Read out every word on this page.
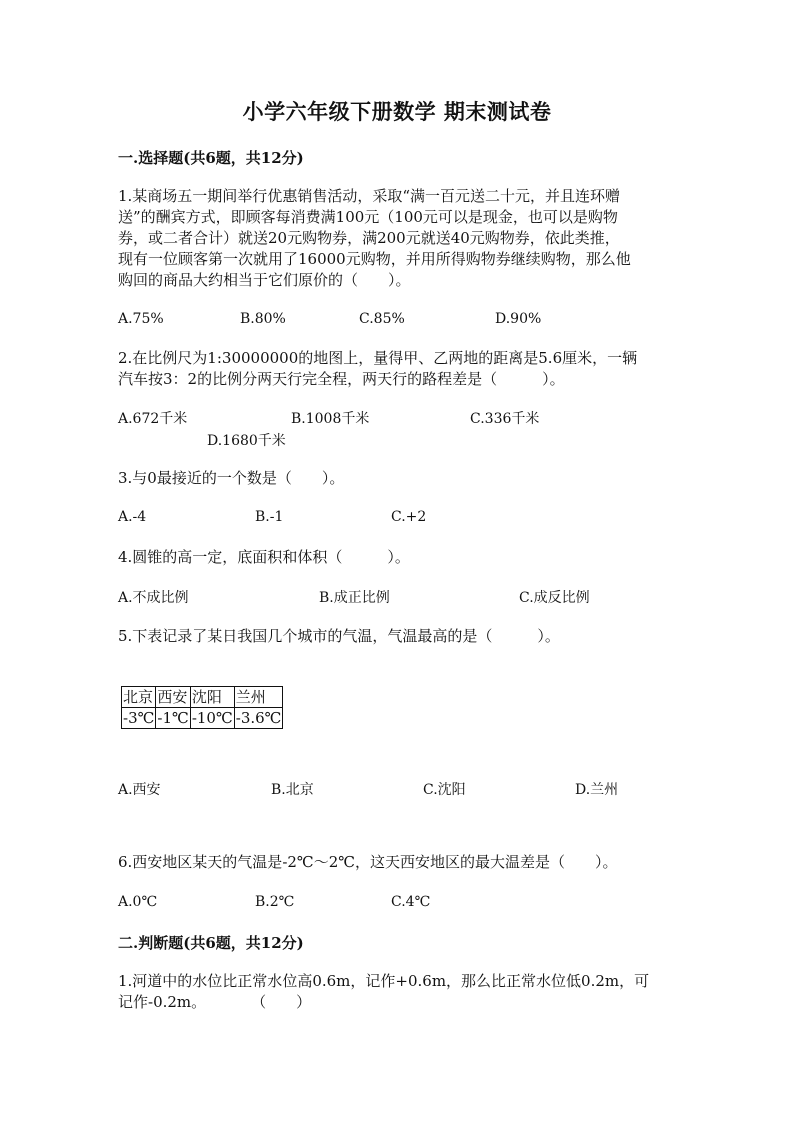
小学六年级下册数学 期末测试卷
一.选择题(共6题，共12分)
1.某商场五一期间举行优惠销售活动，采取“满一百元送二十元，并且连环赠
送”的酬宾方式，即顾客每消费满100元（100元可以是现金，也可以是购物
券，或二者合计）就送20元购物券，满200元就送40元购物券，依此类推，
现有一位顾客第一次就用了16000元购物，并用所得购物券继续购物，那么他
购回的商品大约相当于它们原价的（　　）。
A.75%	B.80%	C.85%	D.90%
2.在比例尺为1:30000000的地图上，量得甲、乙两地的距离是5.6厘米，一辆
汽车按3：2的比例分两天行完全程，两天行的路程差是（　　　）。
A.672千米	B.1008千米	C.336千米
D.1680千米
3.与0最接近的一个数是（　　）。
A.-4	B.-1	C.+2
4.圆锥的高一定，底面积和体积（　　　）。
A.不成比例	B.成正比例	C.成反比例
5.下表记录了某日我国几个城市的气温，气温最高的是（　　　）。
北京	西安	沈阳	兰州
-3℃	-1℃	-10℃	-3.6℃
A.西安	B.北京	C.沈阳	D.兰州
6.西安地区某天的气温是-2℃～2℃，这天西安地区的最大温差是（　　）。
A.0℃	B.2℃	C.4℃
二.判断题(共6题，共12分)
1.河道中的水位比正常水位高0.6m，记作+0.6m，那么比正常水位低0.2m，可
记作-0.2m。　　　　（　　）
